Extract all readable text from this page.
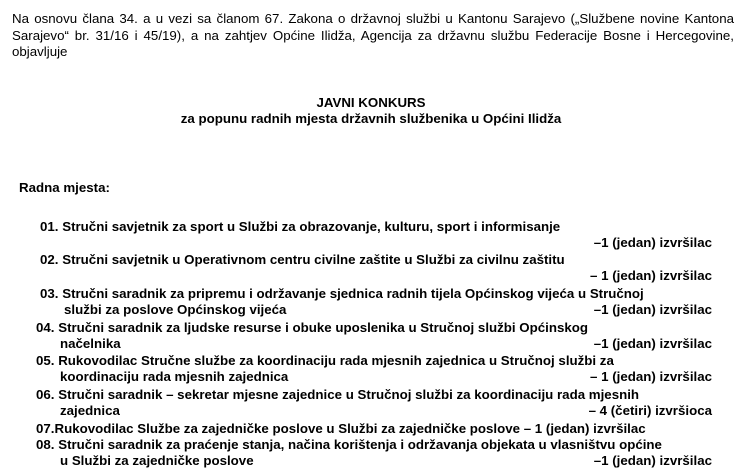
Na osnovu člana 34. a u vezi sa članom 67. Zakona o državnoj službi u Kantonu Sarajevo („Službene novine Kantona Sarajevo“ br. 31/16 i 45/19), a na zahtjev Općine Ilidža, Agencija za državnu službu Federacije Bosne i Hercegovine, objavljuje
JAVNI KONKURS
za popunu radnih mjesta državnih službenika u Općini Ilidža
Radna mjesta:
01. Stručni savjetnik za sport u Službi za obrazovanje, kulturu, sport i informisanje
–1 (jedan) izvršilac
02. Stručni savjetnik u Operativnom centru civilne zaštite u Službi za civilnu zaštitu
– 1 (jedan) izvršilac
03. Stručni saradnik za pripremu i održavanje sjednica radnih tijela Općinskog vijeća u Stručnoj
službi za poslove Općinskog vijeća	–1 (jedan) izvršilac
04. Stručni saradnik za ljudske resurse i obuke uposlenika u Stručnoj službi Općinskog
načelnika	–1 (jedan) izvršilac
05. Rukovodilac Stručne službe za koordinaciju rada mjesnih zajednica u Stručnoj službi za
koordinaciju rada mjesnih zajednica	– 1 (jedan) izvršilac
06. Stručni saradnik – sekretar mjesne zajednice u Stručnoj službi za koordinaciju rada mjesnih
zajednica	– 4 (četiri) izvršioca
07.Rukovodilac Službe za zajedničke poslove u Službi za zajedničke poslove – 1 (jedan) izvršilac
08. Stručni saradnik za praćenje stanja, načina korištenja i održavanja objekata u vlasništvu općine
u Službi za zajedničke poslove	–1 (jedan) izvršilac
